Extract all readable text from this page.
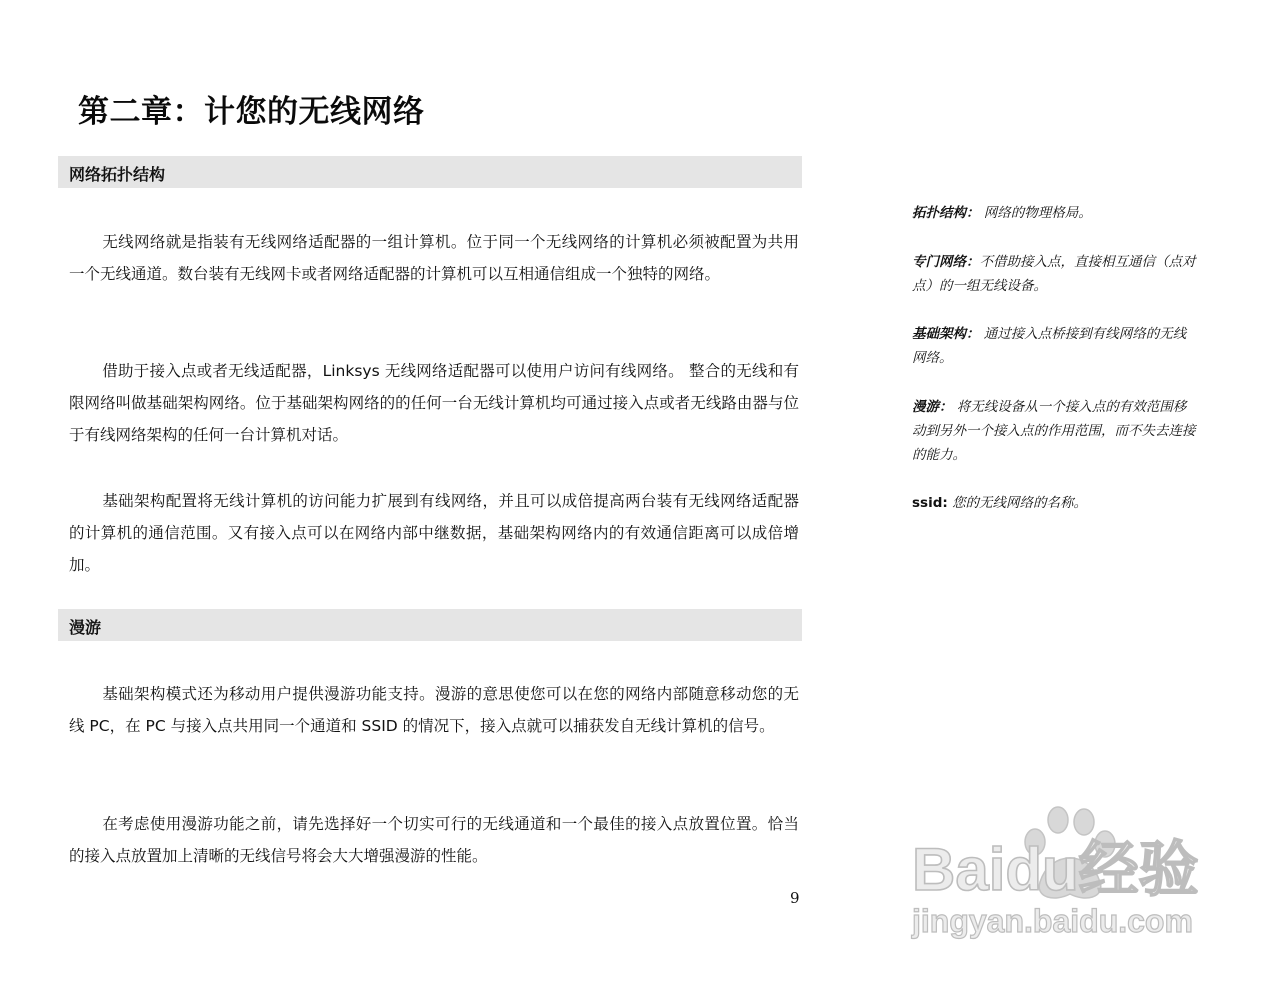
第二章：计您的无线网络
网络拓扑结构
无线网络就是指装有无线网络适配器的一组计算机。位于同一个无线网络的计算机必须被配置为共用一个无线通道。数台装有无线网卡或者网络适配器的计算机可以互相通信组成一个独特的网络。
借助于接入点或者无线适配器，Linksys 无线网络适配器可以使用户访问有线网络。 整合的无线和有限网络叫做基础架构网络。位于基础架构网络的的任何一台无线计算机均可通过接入点或者无线路由器与位于有线网络架构的任何一台计算机对话。
基础架构配置将无线计算机的访问能力扩展到有线网络，并且可以成倍提高两台装有无线网络适配器的计算机的通信范围。又有接入点可以在网络内部中继数据，基础架构网络内的有效通信距离可以成倍增加。
漫游
基础架构模式还为移动用户提供漫游功能支持。漫游的意思使您可以在您的网络内部随意移动您的无线 PC，在 PC 与接入点共用同一个通道和 SSID 的情况下，接入点就可以捕获发自无线计算机的信号。
在考虑使用漫游功能之前，请先选择好一个切实可行的无线通道和一个最佳的接入点放置位置。恰当的接入点放置加上清晰的无线信号将会大大增强漫游的性能。
9
拓扑结构： 网络的物理格局。
专门网络：不借助接入点，直接相互通信（点对点）的一组无线设备。
基础架构： 通过接入点桥接到有线网络的无线网络。
漫游： 将无线设备从一个接入点的有效范围移动到另外一个接入点的作用范围，而不失去连接的能力。
ssid: 您的无线网络的名称。
Baidu经验
jingyan.baidu.com
